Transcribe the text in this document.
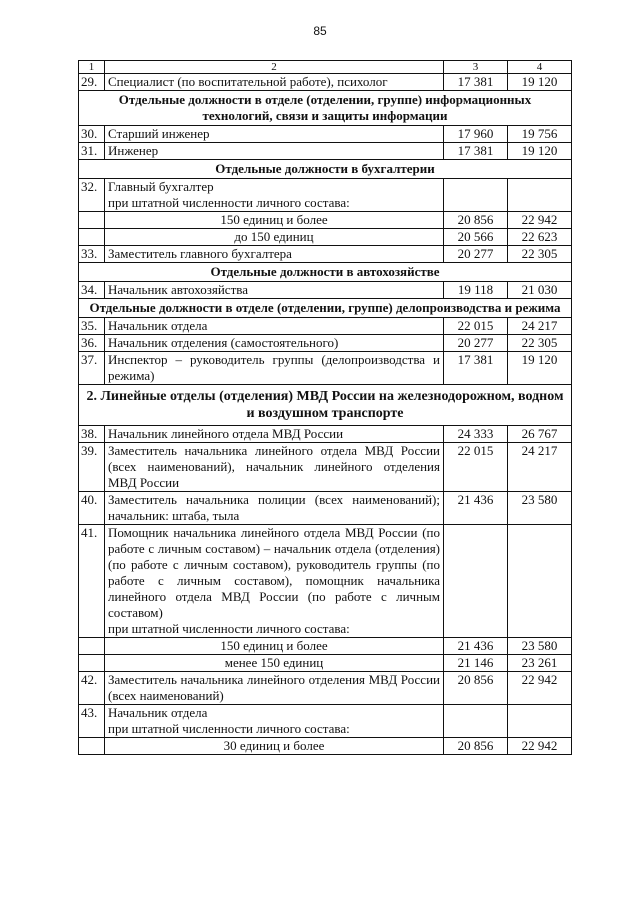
85
1	2	3	4
29.	Специалист (по воспитательной работе), психолог	17 381	19 120
Отдельные должности в отделе (отделении, группе) информационных технологий, связи и защиты информации			
30.	Старший инженер	17 960	19 756
31.	Инженер	17 381	19 120
Отдельные должности в бухгалтерии			
32.	Главный бухгалтер
при штатной численности личного состава:		

	150 единиц и более	20 856	22 942
	до 150 единиц	20 566	22 623
33.	Заместитель главного бухгалтера	20 277	22 305
Отдельные должности в автохозяйстве			
34.	Начальник автохозяйства	19 118	21 030
Отдельные должности в отделе (отделении, группе) делопроизводства и режима			
35.	Начальник отдела	22 015	24 217
36.	Начальник отделения (самостоятельного)	20 277	22 305
37.	Инспектор – руководитель группы (делопроизводства и режима)	17 381	19 120
2. Линейные отделы (отделения) МВД России на железнодорожном, водном и воздушном транспорте			
38.	Начальник линейного отдела МВД России	24 333	26 767
39.	Заместитель начальника линейного отдела МВД России (всех наименований), начальник линейного отделения МВД России	22 015	24 217
40.	Заместитель начальника полиции (всех наименований); начальник: штаба, тыла	21 436	23 580
41.	Помощник начальника линейного отдела МВД России (по работе с личным составом) – начальник отдела (отделения) (по работе с личным составом), руководитель группы (по работе с личным составом), помощник начальника линейного отдела МВД России (по работе с личным составом)
при штатной численности личного состава:		

	150 единиц и более	21 436	23 580
	менее 150 единиц	21 146	23 261
42.	Заместитель начальника линейного отделения МВД России (всех наименований)	20 856	22 942
43.	Начальник отдела
при штатной численности личного состава:		

	30 единиц и более	20 856	22 942
